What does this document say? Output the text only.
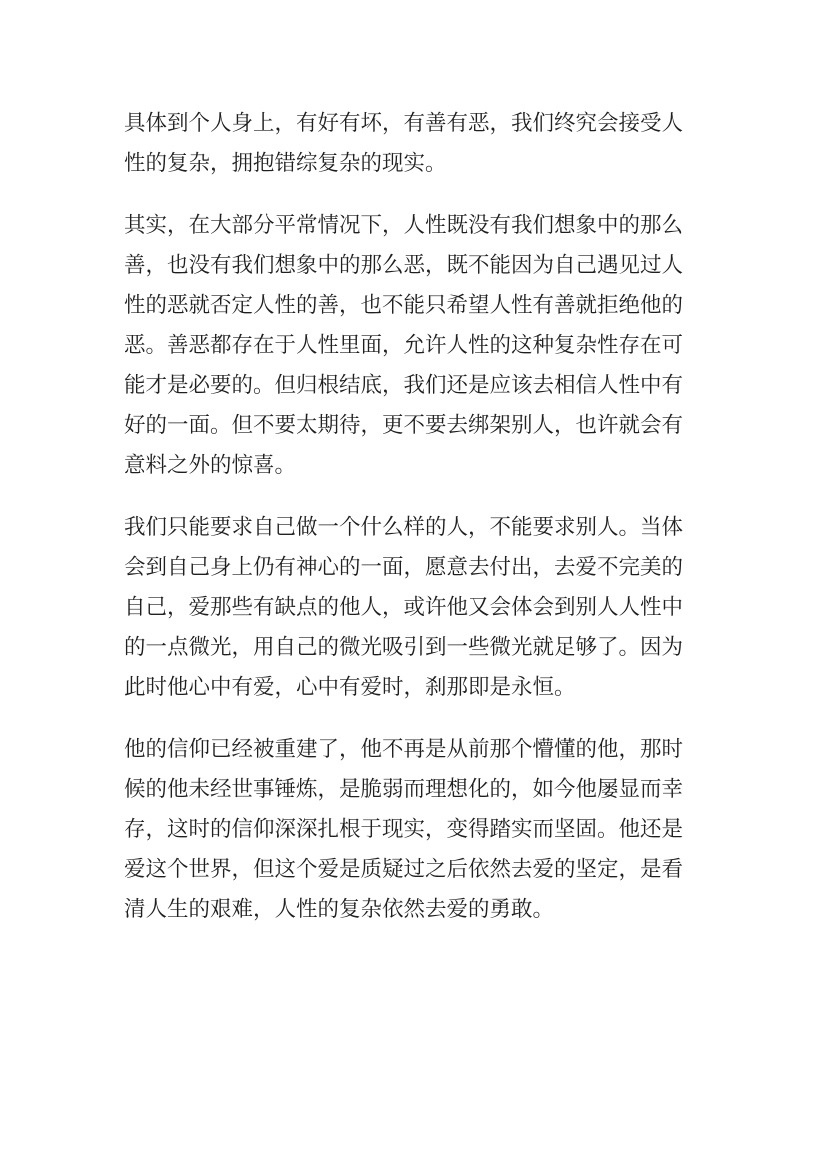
具体到个人身上，有好有坏，有善有恶，我们终究会接受人
性的复杂，拥抱错综复杂的现实。

其实，在大部分平常情况下，人性既没有我们想象中的那么
善，也没有我们想象中的那么恶，既不能因为自己遇见过人
性的恶就否定人性的善，也不能只希望人性有善就拒绝他的
恶。善恶都存在于人性里面，允许人性的这种复杂性存在可
能才是必要的。但归根结底，我们还是应该去相信人性中有
好的一面。但不要太期待，更不要去绑架别人，也许就会有
意料之外的惊喜。

我们只能要求自己做一个什么样的人，不能要求别人。当体
会到自己身上仍有神心的一面，愿意去付出，去爱不完美的
自己，爱那些有缺点的他人，或许他又会体会到别人人性中
的一点微光，用自己的微光吸引到一些微光就足够了。因为
此时他心中有爱，心中有爱时，刹那即是永恒。

他的信仰已经被重建了，他不再是从前那个懵懂的他，那时
候的他未经世事锤炼，是脆弱而理想化的，如今他屡显而幸
存，这时的信仰深深扎根于现实，变得踏实而坚固。他还是
爱这个世界，但这个爱是质疑过之后依然去爱的坚定，是看
清人生的艰难，人性的复杂依然去爱的勇敢。
